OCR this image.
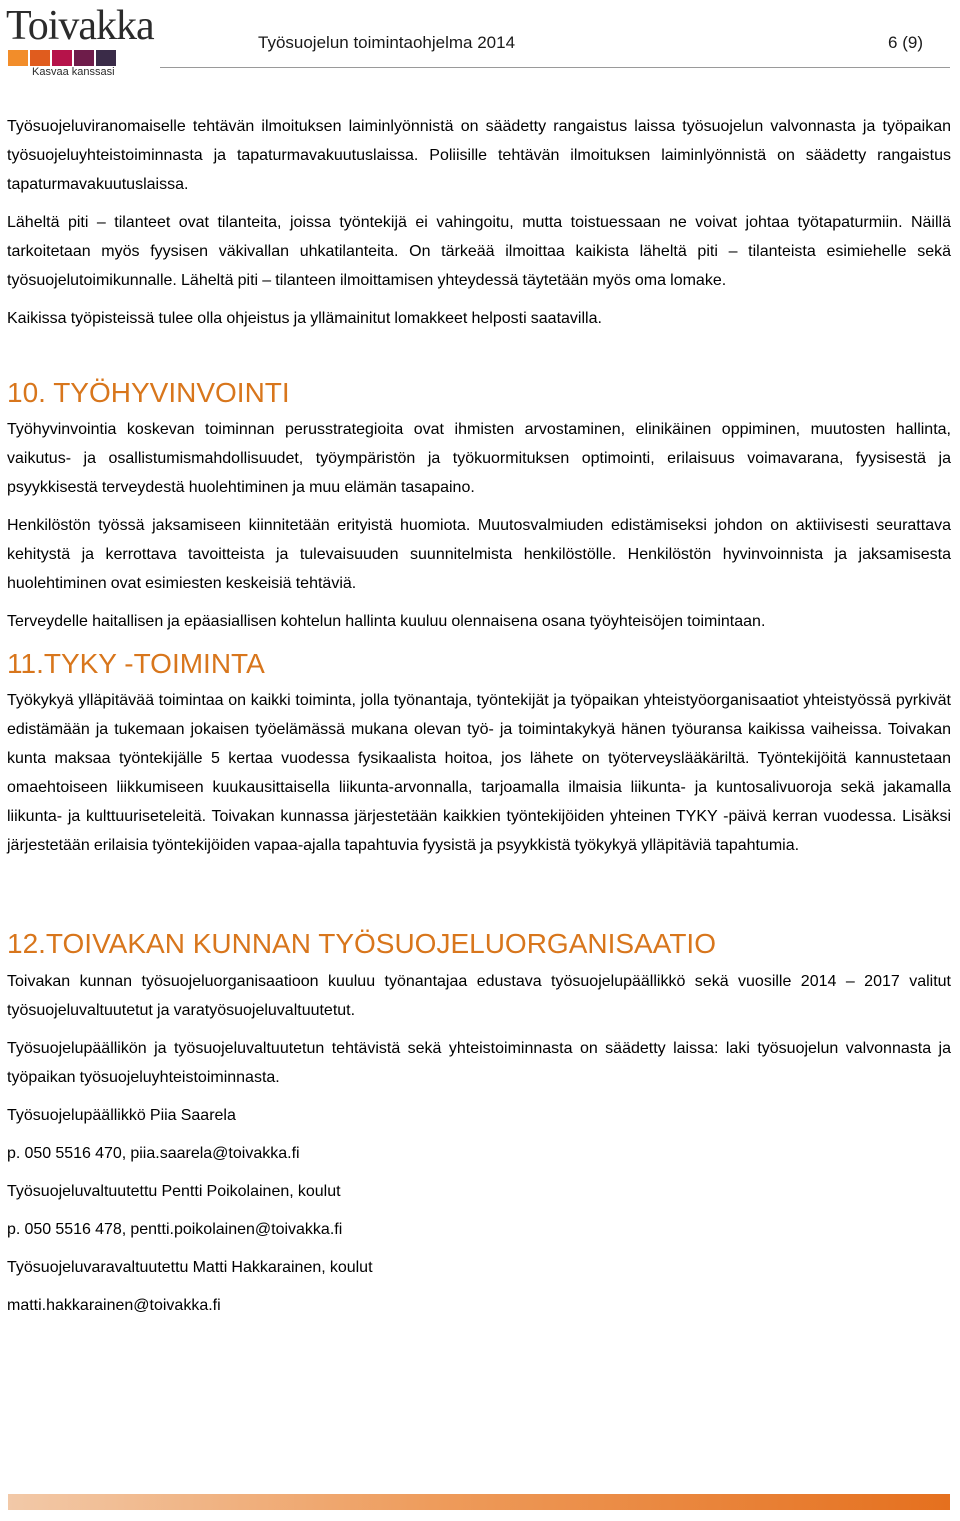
Toivakka
Kasvaa kanssasi
Työsuojelun toimintaohjelma 2014	6 (9)

Työsuojeluviranomaiselle tehtävän ilmoituksen laiminlyönnistä on säädetty rangaistus laissa työsuojelun valvonnasta ja työpaikan työsuojeluyhteistoiminnasta ja tapaturmavakuutuslaissa. Poliisille tehtävän ilmoituksen laiminlyönnistä on säädetty rangaistus tapaturmavakuutuslaissa.

Läheltä piti – tilanteet ovat tilanteita, joissa työntekijä ei vahingoitu, mutta toistuessaan ne voivat johtaa työtapaturmiin. Näillä tarkoitetaan myös fyysisen väkivallan uhkatilanteita. On tärkeää ilmoittaa kaikista läheltä piti – tilanteista esimiehelle sekä työsuojelutoimikunnalle. Läheltä piti – tilanteen ilmoittamisen yhteydessä täytetään myös oma lomake.

Kaikissa työpisteissä tulee olla ohjeistus ja yllämainitut lomakkeet helposti saatavilla.

10. TYÖHYVINVOINTI

Työhyvinvointia koskevan toiminnan perusstrategioita ovat ihmisten arvostaminen, elinikäinen oppiminen, muutosten hallinta, vaikutus- ja osallistumismahdollisuudet, työympäristön ja työkuormituksen optimointi, erilaisuus voimavarana, fyysisestä ja psyykkisestä terveydestä huolehtiminen ja muu elämän tasapaino.

Henkilöstön työssä jaksamiseen kiinnitetään erityistä huomiota. Muutosvalmiuden edistämiseksi johdon on aktiivisesti seurattava kehitystä ja kerrottava tavoitteista ja tulevaisuuden suunnitelmista henkilöstölle. Henkilöstön hyvinvoinnista ja jaksamisesta huolehtiminen ovat esimiesten keskeisiä tehtäviä.

Terveydelle haitallisen ja epäasiallisen kohtelun hallinta kuuluu olennaisena osana työyhteisöjen toimintaan.

11.TYKY -TOIMINTA

Työkykyä ylläpitävää toimintaa on kaikki toiminta, jolla työnantaja, työntekijät ja työpaikan yhteistyöorganisaatiot yhteistyössä pyrkivät edistämään ja tukemaan jokaisen työelämässä mukana olevan työ- ja toimintakykyä hänen työuransa kaikissa vaiheissa. Toivakan kunta maksaa työntekijälle 5 kertaa vuodessa fysikaalista hoitoa, jos lähete on työterveyslääkäriltä. Työntekijöitä kannustetaan omaehtoiseen liikkumiseen kuukausittaisella liikunta-arvonnalla, tarjoamalla ilmaisia liikunta- ja kuntosalivuoroja sekä jakamalla liikunta- ja kulttuuriseteleitä. Toivakan kunnassa järjestetään kaikkien työntekijöiden yhteinen TYKY -päivä kerran vuodessa. Lisäksi järjestetään erilaisia työntekijöiden vapaa-ajalla tapahtuvia fyysistä ja psyykkistä työkykyä ylläpitäviä tapahtumia.

12.TOIVAKAN KUNNAN TYÖSUOJELUORGANISAATIO

Toivakan kunnan työsuojeluorganisaatioon kuuluu työnantajaa edustava työsuojelupäällikkö sekä vuosille 2014 – 2017 valitut työsuojeluvaltuutetut ja varatyösuojeluvaltuutetut.

Työsuojelupäällikön ja työsuojeluvaltuutetun tehtävistä sekä yhteistoiminnasta on säädetty laissa: laki työsuojelun valvonnasta ja työpaikan työsuojeluyhteistoiminnasta.

Työsuojelupäällikkö Piia Saarela

p. 050 5516 470, piia.saarela@toivakka.fi

Työsuojeluvaltuutettu Pentti Poikolainen, koulut

p. 050 5516 478, pentti.poikolainen@toivakka.fi

Työsuojeluvaravaltuutettu Matti Hakkarainen, koulut

matti.hakkarainen@toivakka.fi
